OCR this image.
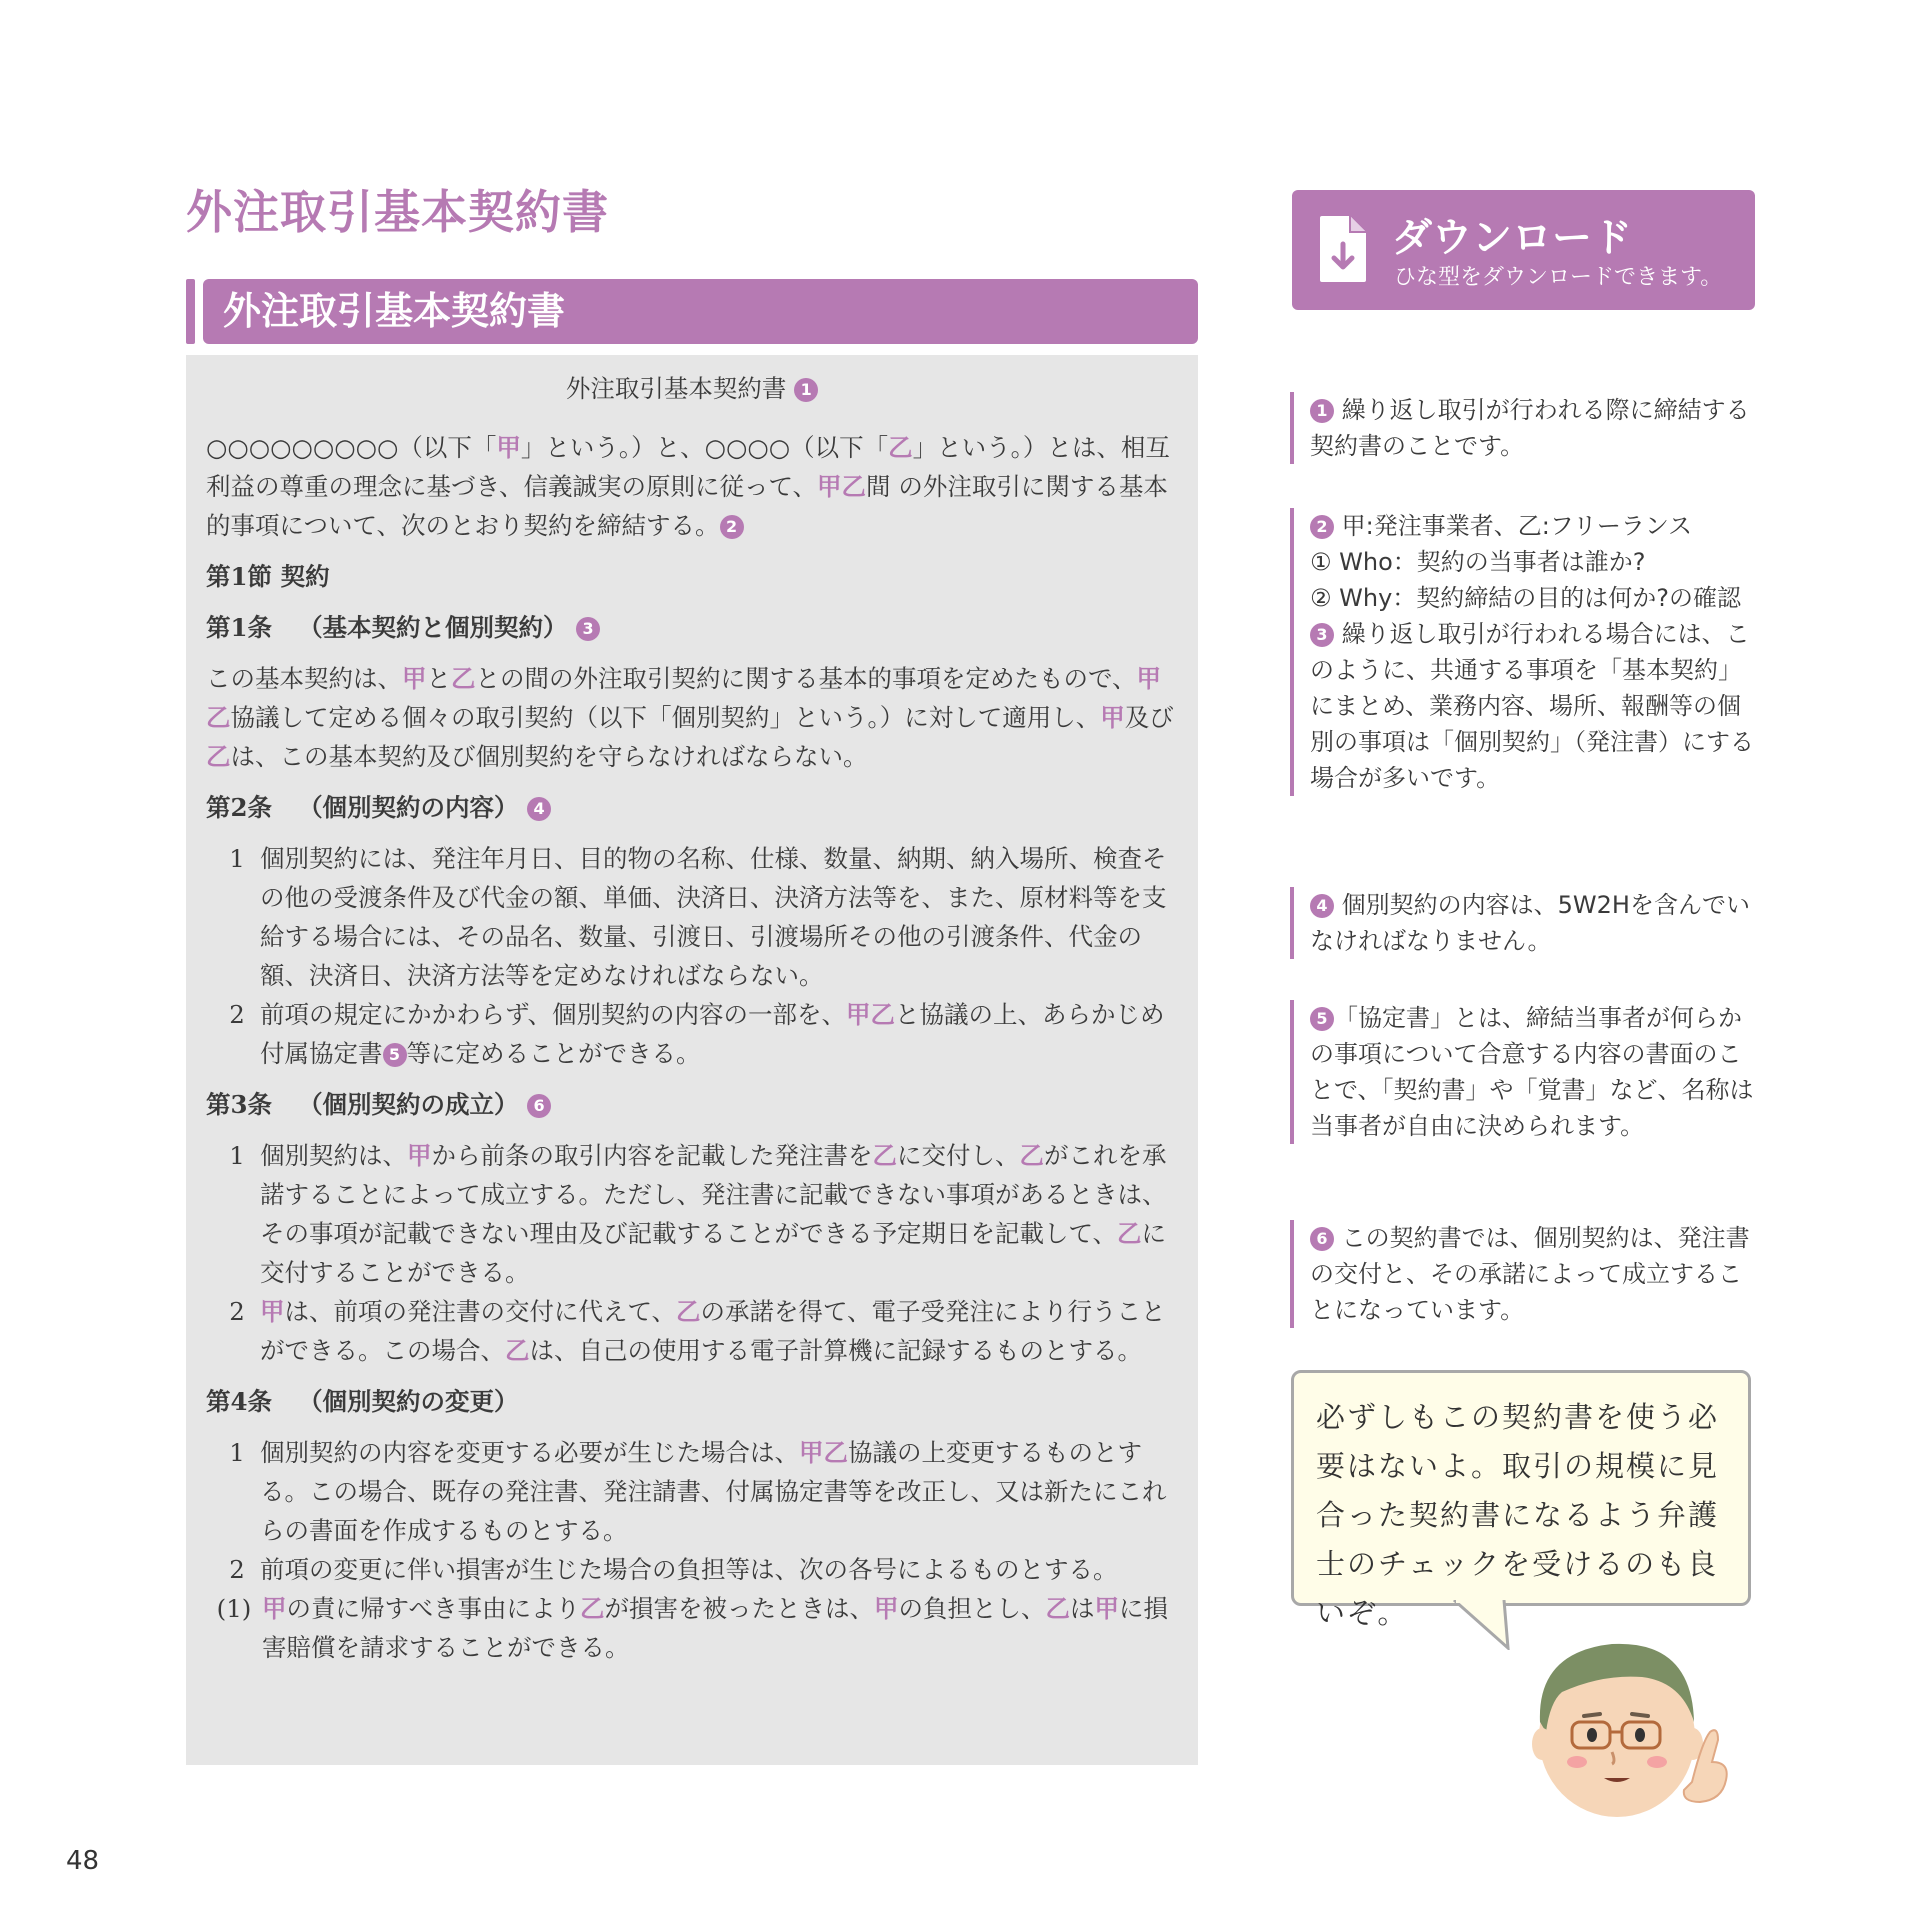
外注取引基本契約書
外注取引基本契約書
外注取引基本契約書 1

○○○○○○○○○（以下「甲」という。）と、○○○○（以下「乙」という。）とは、相互利益の尊重の理念に基づき、信義誠実の原則に従って、甲乙間 の外注取引に関する基本的事項について、次のとおり契約を締結する。 2

第1節 契約
第1条 （基本契約と個別契約） 3

この基本契約は、甲と乙との間の外注取引契約に関する基本的事項を定めたもので、甲乙協議して定める個々の取引契約（以下「個別契約」という。）に対して適用し、甲及び乙は、この基本契約及び個別契約を守らなければならない。

第2条 （個別契約の内容） 4
1 個別契約には、発注年月日、目的物の名称、仕様、数量、納期、納入場所、検査その他の受渡条件及び代金の額、単価、決済日、決済方法等を、また、原材料等を支給する場合には、その品名、数量、引渡日、引渡場所その他の引渡条件、代金の額、決済日、決済方法等を定めなければならない。
2 前項の規定にかかわらず、個別契約の内容の一部を、甲乙と協議の上、あらかじめ付属協定書 5 等に定めることができる。
第3条 （個別契約の成立） 6
1 個別契約は、甲から前条の取引内容を記載した発注書を乙に交付し、乙がこれを承諾することによって成立する。ただし、発注書に記載できない事項があるときは、その事項が記載できない理由及び記載することができる予定期日を記載して、乙に交付することができる。
2 甲は、前項の発注書の交付に代えて、乙の承諾を得て、電子受発注により行うことができる。この場合、乙は、自己の使用する電子計算機に記録するものとする。
第4条 （個別契約の変更）
1 個別契約の内容を変更する必要が生じた場合は、甲乙協議の上変更するものとする。この場合、既存の発注書、発注請書、付属協定書等を改正し、又は新たにこれらの書面を作成するものとする。
2 前項の変更に伴い損害が生じた場合の負担等は、次の各号によるものとする。
(1) 甲の責に帰すべき事由により乙が損害を被ったときは、甲の負担とし、乙は甲に損害賠償を請求することができる。
ダウンロード
ひな型をダウンロードできます。

1 繰り返し取引が行われる際に締結する契約書のことです。

2 甲:発注事業者、乙:フリーランス

① Who：契約の当事者は誰か?

② Why：契約締結の目的は何か?の確認

3 繰り返し取引が行われる場合には、このように、共通する事項を「基本契約」にまとめ、業務内容、場所、報酬等の個別の事項は「個別契約」（発注書）にする場合が多いです。

4 個別契約の内容は、5W2Hを含んでいなければなりません。

5 「協定書」とは、締結当事者が何らかの事項について合意する内容の書面のことで、「契約書」や「覚書」など、名称は当事者が自由に決められます。

6 この契約書では、個別契約は、発注書の交付と、その承諾によって成立することになっています。

必ずしもこの契約書を使う必要はないよ。取引の規模に見合った契約書になるよう弁護士のチェックを受けるのも良いぞ。
48
